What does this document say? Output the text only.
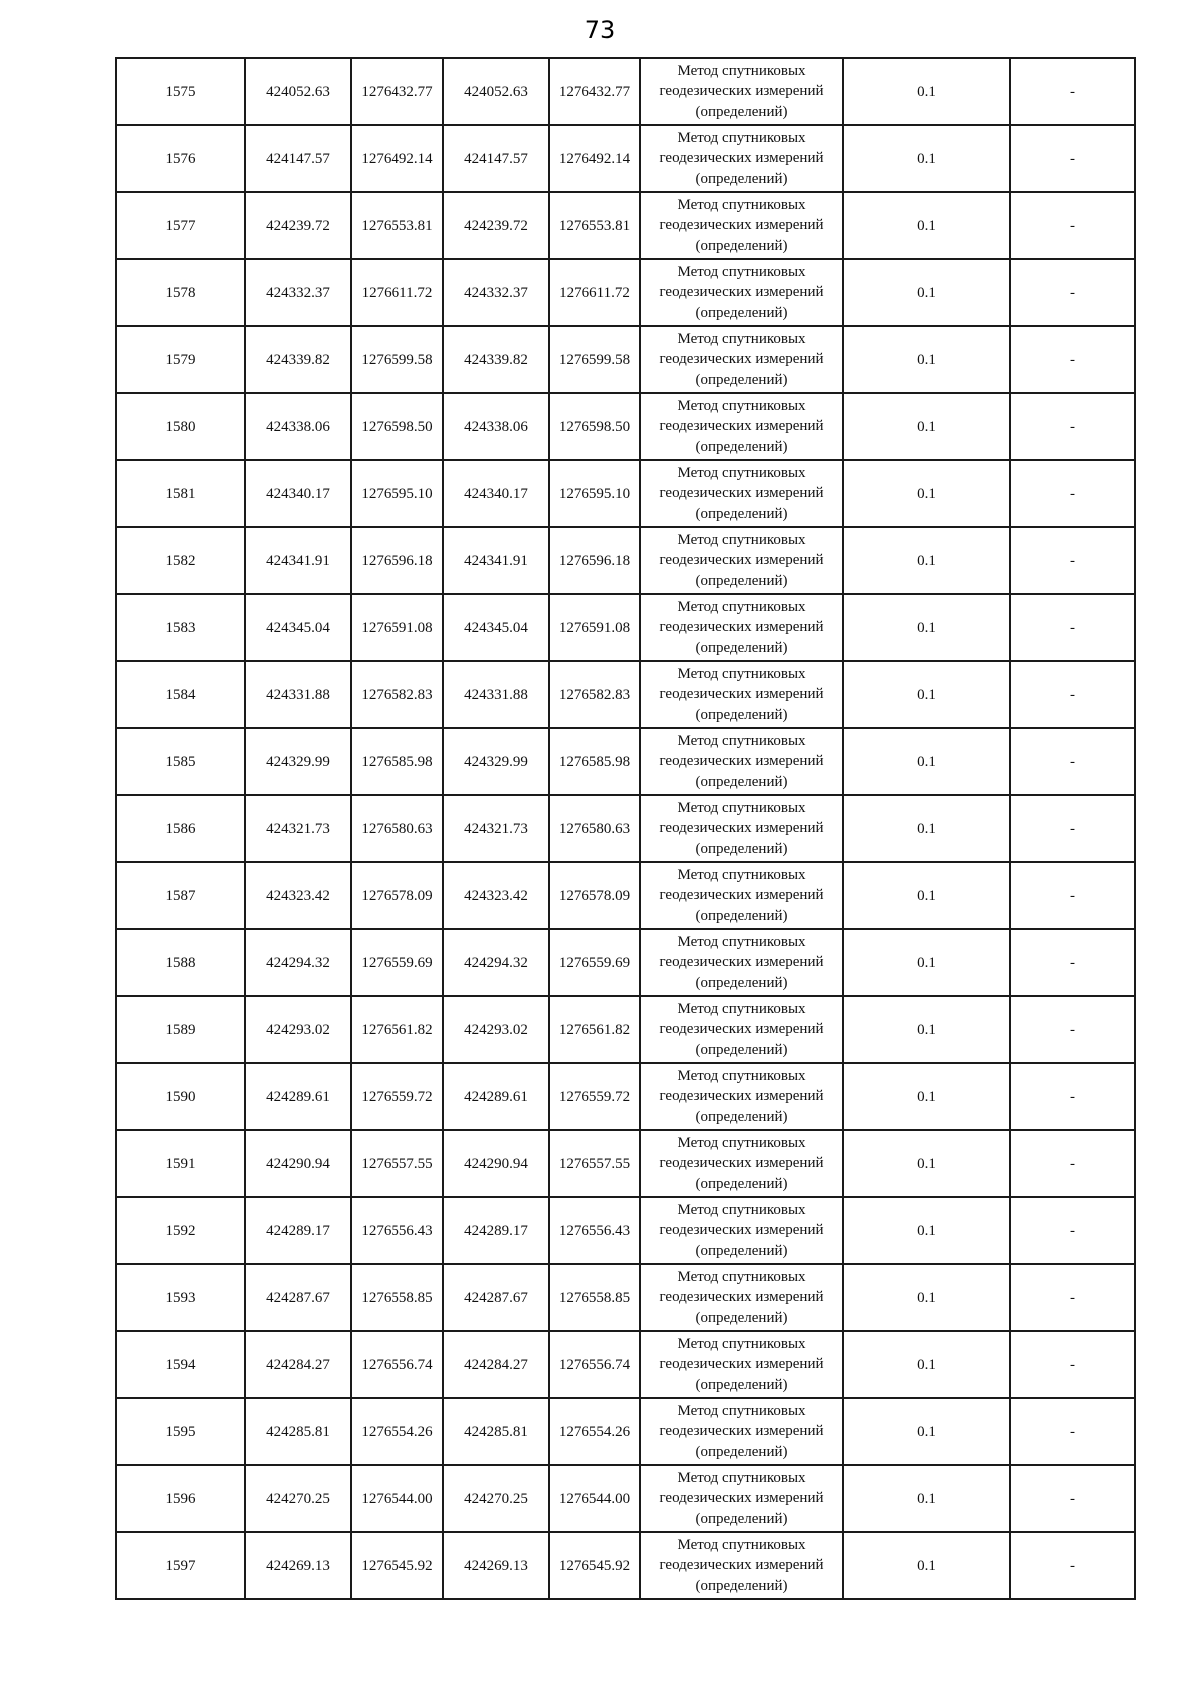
73
1575	424052.63	1276432.77	424052.63	1276432.77	Метод спутниковых
геодезических измерений
(определений)	0.1	-
1576	424147.57	1276492.14	424147.57	1276492.14	Метод спутниковых
геодезических измерений
(определений)	0.1	-
1577	424239.72	1276553.81	424239.72	1276553.81	Метод спутниковых
геодезических измерений
(определений)	0.1	-
1578	424332.37	1276611.72	424332.37	1276611.72	Метод спутниковых
геодезических измерений
(определений)	0.1	-
1579	424339.82	1276599.58	424339.82	1276599.58	Метод спутниковых
геодезических измерений
(определений)	0.1	-
1580	424338.06	1276598.50	424338.06	1276598.50	Метод спутниковых
геодезических измерений
(определений)	0.1	-
1581	424340.17	1276595.10	424340.17	1276595.10	Метод спутниковых
геодезических измерений
(определений)	0.1	-
1582	424341.91	1276596.18	424341.91	1276596.18	Метод спутниковых
геодезических измерений
(определений)	0.1	-
1583	424345.04	1276591.08	424345.04	1276591.08	Метод спутниковых
геодезических измерений
(определений)	0.1	-
1584	424331.88	1276582.83	424331.88	1276582.83	Метод спутниковых
геодезических измерений
(определений)	0.1	-
1585	424329.99	1276585.98	424329.99	1276585.98	Метод спутниковых
геодезических измерений
(определений)	0.1	-
1586	424321.73	1276580.63	424321.73	1276580.63	Метод спутниковых
геодезических измерений
(определений)	0.1	-
1587	424323.42	1276578.09	424323.42	1276578.09	Метод спутниковых
геодезических измерений
(определений)	0.1	-
1588	424294.32	1276559.69	424294.32	1276559.69	Метод спутниковых
геодезических измерений
(определений)	0.1	-
1589	424293.02	1276561.82	424293.02	1276561.82	Метод спутниковых
геодезических измерений
(определений)	0.1	-
1590	424289.61	1276559.72	424289.61	1276559.72	Метод спутниковых
геодезических измерений
(определений)	0.1	-
1591	424290.94	1276557.55	424290.94	1276557.55	Метод спутниковых
геодезических измерений
(определений)	0.1	-
1592	424289.17	1276556.43	424289.17	1276556.43	Метод спутниковых
геодезических измерений
(определений)	0.1	-
1593	424287.67	1276558.85	424287.67	1276558.85	Метод спутниковых
геодезических измерений
(определений)	0.1	-
1594	424284.27	1276556.74	424284.27	1276556.74	Метод спутниковых
геодезических измерений
(определений)	0.1	-
1595	424285.81	1276554.26	424285.81	1276554.26	Метод спутниковых
геодезических измерений
(определений)	0.1	-
1596	424270.25	1276544.00	424270.25	1276544.00	Метод спутниковых
геодезических измерений
(определений)	0.1	-
1597	424269.13	1276545.92	424269.13	1276545.92	Метод спутниковых
геодезических измерений
(определений)	0.1	-
